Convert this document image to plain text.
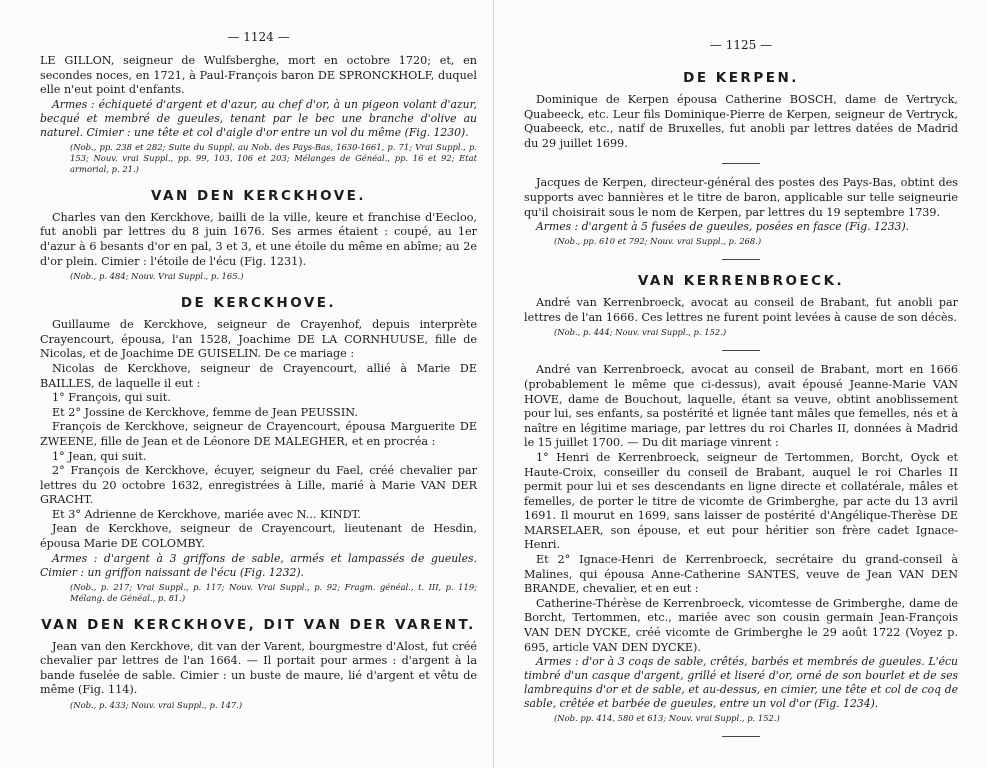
— 1124 —

LE GILLON, seigneur de Wulfsberghe, mort en octobre 1720; et, en secondes noces, en 1721, à Paul-François baron DE SPRONCKHOLF, duquel elle n'eut point d'enfants.

Armes : échiqueté d'argent et d'azur, au chef d'or, à un pigeon volant d'azur, becqué et membré de gueules, tenant par le bec une branche d'olive au naturel. Cimier : une tête et col d'aigle d'or entre un vol du même (Fig. 1230).

(Nob., pp. 238 et 282; Suite du Suppl. au Nob. des Pays-Bas, 1630-1661, p. 71; Vrai Suppl., p. 153; Nouv. vrai Suppl., pp. 99, 103, 106 et 203; Mélanges de Généal., pp. 16 et 92; Etat armorial, p. 21.)

VAN DEN KERCKHOVE.

Charles van den Kerckhove, bailli de la ville, keure et franchise d'Eecloo, fut anobli par lettres du 8 juin 1676. Ses armes étaient : coupé, au 1er d'azur à 6 besants d'or en pal, 3 et 3, et une étoile du même en abîme; au 2e d'or plein. Cimier : l'étoile de l'écu (Fig. 1231).

(Nob., p. 484; Nouv. Vrai Suppl., p. 165.)

DE KERCKHOVE.

Guillaume de Kerckhove, seigneur de Crayenhof, depuis interprète Crayencourt, épousa, l'an 1528, Joachime DE LA CORNHUUSE, fille de Nicolas, et de Joachime DE GUISELIN. De ce mariage :

Nicolas de Kerckhove, seigneur de Crayencourt, allié à Marie DE BAILLES, de laquelle il eut :

1° François, qui suit.

Et 2° Jossine de Kerckhove, femme de Jean PEUSSIN.

François de Kerckhove, seigneur de Crayencourt, épousa Marguerite DE ZWEENE, fille de Jean et de Léonore DE MALEGHER, et en procréa :

1° Jean, qui suit.

2° François de Kerckhove, écuyer, seigneur du Fael, créé chevalier par lettres du 20 octobre 1632, enregistrées à Lille, marié à Marie VAN DER GRACHT.

Et 3° Adrienne de Kerckhove, mariée avec N... KINDT.

Jean de Kerckhove, seigneur de Crayencourt, lieutenant de Hesdin, épousa Marie DE COLOMBY.

Armes : d'argent à 3 griffons de sable, armés et lampassés de gueules. Cimier : un griffon naissant de l'écu (Fig. 1232).

(Nob., p. 217; Vrai Suppl., p. 117; Nouv. Vrai Suppl., p. 92; Fragm. généal., t. III, p. 119; Mélang. de Généal., p. 81.)

VAN DEN KERCKHOVE, DIT VAN DER VARENT.

Jean van den Kerckhove, dit van der Varent, bourgmestre d'Alost, fut créé chevalier par lettres de l'an 1664. — Il portait pour armes : d'argent à la bande fuselée de sable. Cimier : un buste de maure, lié d'argent et vêtu de même (Fig. 114).

(Nob., p. 433; Nouv. vrai Suppl., p. 147.)

— 1125 —
DE KERPEN.

Dominique de Kerpen épousa Catherine BOSCH, dame de Vertryck, Quabeeck, etc. Leur fils Dominique-Pierre de Kerpen, seigneur de Vertryck, Quabeeck, etc., natif de Bruxelles, fut anobli par lettres datées de Madrid du 29 juillet 1699.

Jacques de Kerpen, directeur-général des postes des Pays-Bas, obtint des supports avec bannières et le titre de baron, applicable sur telle seigneurie qu'il choisirait sous le nom de Kerpen, par lettres du 19 septembre 1739.

Armes : d'argent à 5 fusées de gueules, posées en fasce (Fig. 1233).

(Nob., pp. 610 et 792; Nouv. vrai Suppl., p. 268.)

VAN KERRENBROECK.

André van Kerrenbroeck, avocat au conseil de Brabant, fut anobli par lettres de l'an 1666. Ces lettres ne furent point levées à cause de son décès.

(Nob., p. 444; Nouv. vrai Suppl., p. 152.)

André van Kerrenbroeck, avocat au conseil de Brabant, mort en 1666 (probablement le même que ci-dessus), avait épousé Jeanne-Marie VAN HOVE, dame de Bouchout, laquelle, étant sa veuve, obtint anoblissement pour lui, ses enfants, sa postérité et lignée tant mâles que femelles, nés et à naître en légitime mariage, par lettres du roi Charles II, données à Madrid le 15 juillet 1700. — Du dit mariage vinrent :

1° Henri de Kerrenbroeck, seigneur de Tertommen, Borcht, Oyck et Haute-Croix, conseiller du conseil de Brabant, auquel le roi Charles II permit pour lui et ses descendants en ligne directe et collatérale, mâles et femelles, de porter le titre de vicomte de Grimberghe, par acte du 13 avril 1691. Il mourut en 1699, sans laisser de postérité d'Angélique-Therèse DE MARSELAER, son épouse, et eut pour héritier son frère cadet Ignace-Henri.

Et 2° Ignace-Henri de Kerrenbroeck, secrétaire du grand-conseil à Malines, qui épousa Anne-Catherine SANTES, veuve de Jean VAN DEN BRANDE, chevalier, et en eut :

Catherine-Thérèse de Kerrenbroeck, vicomtesse de Grimberghe, dame de Borcht, Tertommen, etc., mariée avec son cousin germain Jean-François VAN DEN DYCKE, créé vicomte de Grimberghe le 29 août 1722 (Voyez p. 695, article VAN DEN DYCKE).

Armes : d'or à 3 coqs de sable, crêtés, barbés et membrés de gueules. L'écu timbré d'un casque d'argent, grillé et liseré d'or, orné de son bourlet et de ses lambrequins d'or et de sable, et au-dessus, en cimier, une tête et col de coq de sable, crêtée et barbée de gueules, entre un vol d'or (Fig. 1234).

(Nob. pp. 414, 580 et 613; Nouv. vrai Suppl., p. 152.)
